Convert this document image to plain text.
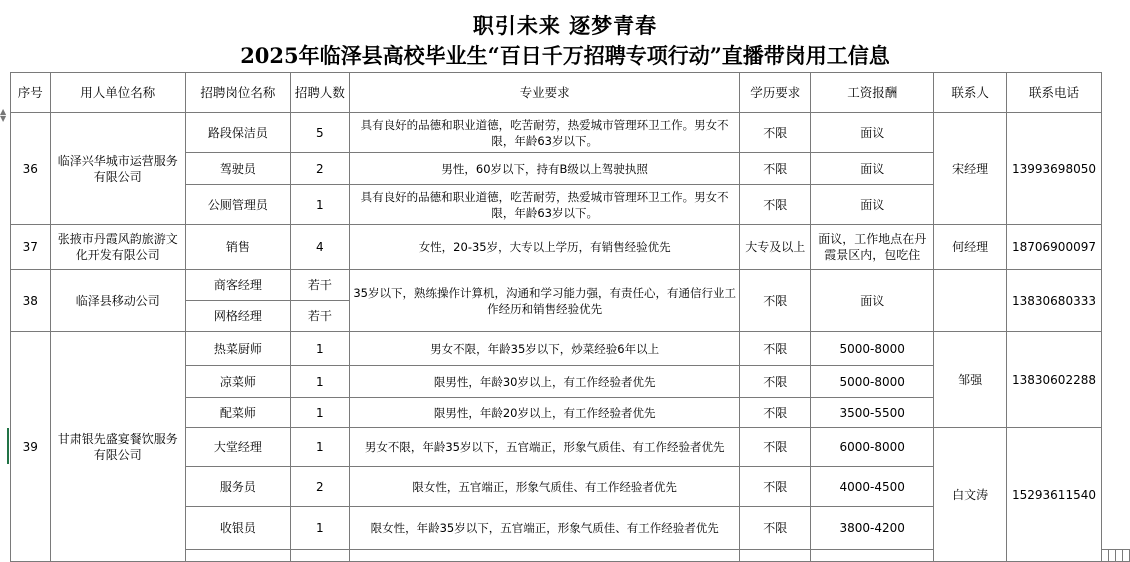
职引未来 逐梦青春
2025年临泽县高校毕业生“百日千万招聘专项行动”直播带岗用工信息
▲
▼
序号	用人单位名称	招聘岗位名称	招聘人数	专业要求	学历要求	工资报酬	联系人	联系电话				
36	临泽兴华城市运营服务有限公司	路段保洁员	5	具有良好的品德和职业道德，吃苦耐劳，热爱城市管理环卫工作。男女不限，年龄63岁以下。	不限	面议	宋经理	13993698050				
		驾驶员	2	男性，60岁以下，持有B级以上驾驶执照	不限	面议						
		公厕管理员	1	具有良好的品德和职业道德，吃苦耐劳，热爱城市管理环卫工作。男女不限，年龄63岁以下。	不限	面议						
37	张掖市丹霞风韵旅游文化开发有限公司	销售	4	女性，20-35岁，大专以上学历，有销售经验优先	大专及以上	面议，工作地点在丹霞景区内，包吃住	何经理	18706900097				
38	临泽县移动公司	商客经理	若干	35岁以下，熟练操作计算机，沟通和学习能力强，有责任心，有通信行业工作经历和销售经验优先	不限	面议		13830680333				
		网格经理	若干									
39	甘肃银先盛宴餐饮服务有限公司	热菜厨师	1	男女不限，年龄35岁以下，炒菜经验6年以上	不限	5000-8000	邹强	13830602288				
		凉菜师	1	限男性，年龄30岁以上，有工作经验者优先	不限	5000-8000						
		配菜师	1	限男性，年龄20岁以上，有工作经验者优先	不限	3500-5500						
		大堂经理	1	男女不限，年龄35岁以下，五官端正，形象气质佳、有工作经验者优先	不限	6000-8000	白文涛	15293611540				
		服务员	2	限女性，五官端正，形象气质佳、有工作经验者优先	不限	4000-4500						
		收银员	1	限女性，年龄35岁以下，五官端正，形象气质佳、有工作经验者优先	不限	3800-4200						
